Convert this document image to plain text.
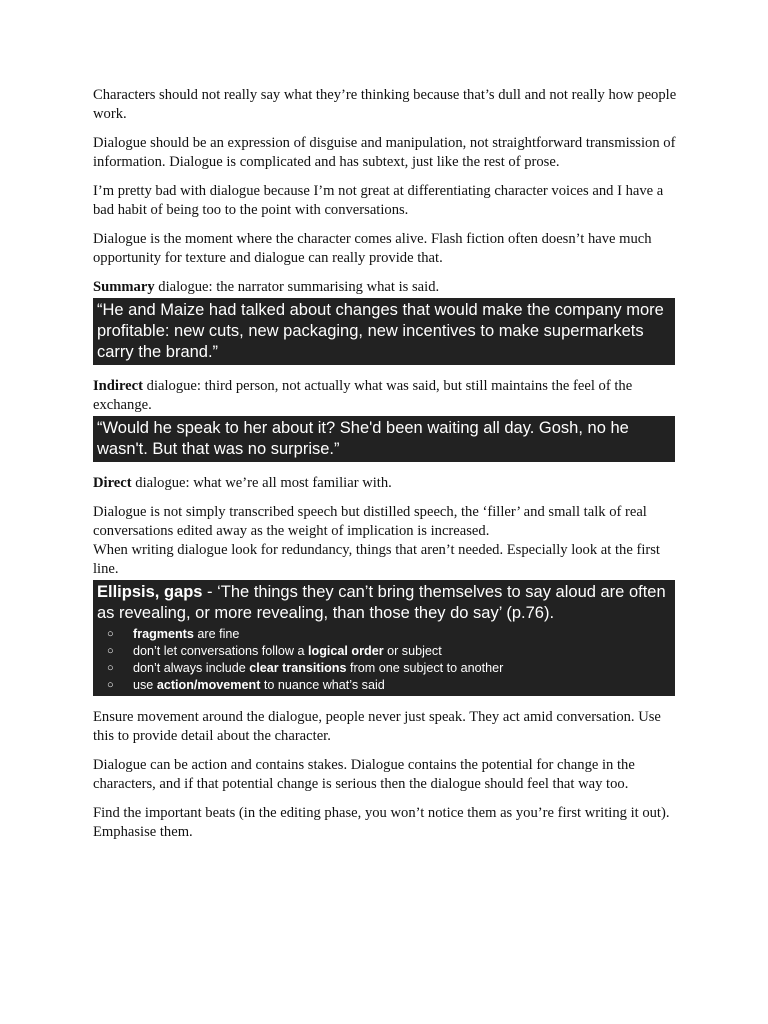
Characters should not really say what they’re thinking because that’s dull and not really how people work.

Dialogue should be an expression of disguise and manipulation, not straightforward transmission of information. Dialogue is complicated and has subtext, just like the rest of prose.

I’m pretty bad with dialogue because I’m not great at differentiating character voices and I have a bad habit of being too to the point with conversations.

Dialogue is the moment where the character comes alive. Flash fiction often doesn’t have much opportunity for texture and dialogue can really provide that.

Summary dialogue: the narrator summarising what is said.

“He and Maize had talked about changes that would make the company more profitable: new cuts, new packaging, new incentives to make supermarkets carry the brand.”

Indirect dialogue: third person, not actually what was said, but still maintains the feel of the exchange.

“Would he speak to her about it? She'd been waiting all day. Gosh, no he wasn't. But that was no surprise.”

Direct dialogue: what we’re all most familiar with.

Dialogue is not simply transcribed speech but distilled speech, the ‘filler’ and small talk of real conversations edited away as the weight of implication is increased.

When writing dialogue look for redundancy, things that aren’t needed. Especially look at the first line.

Ellipsis, gaps - ‘The things they can’t bring themselves to say aloud are often as revealing, or more revealing, than those they do say’ (p.76).
○ fragments are fine
○ don’t let conversations follow a logical order or subject
○ don’t always include clear transitions from one subject to another
○ use action/movement to nuance what’s said

Ensure movement around the dialogue, people never just speak. They act amid conversation. Use this to provide detail about the character.

Dialogue can be action and contains stakes. Dialogue contains the potential for change in the characters, and if that potential change is serious then the dialogue should feel that way too.

Find the important beats (in the editing phase, you won’t notice them as you’re first writing it out). Emphasise them.
